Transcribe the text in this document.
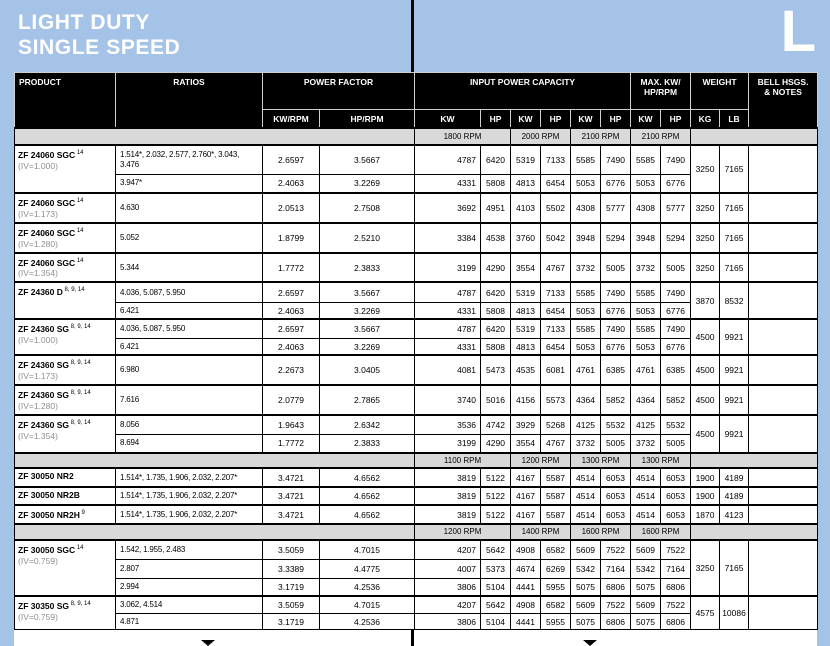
LIGHT DUTY
SINGLE SPEED	L
PRODUCT	RATIOS	POWER FACTOR	INPUT POWER CAPACITY	MAX. KW/
HP/RPM
	WEIGHT	BELL HSGS.
& NOTES

		KW/RPM	HP/RPM	KW	HP	KW	HP	KW	HP	KW	HP	KG	LB	
				1800 RPM		2000 RPM		2100 RPM		2100 RPM				
ZF 24060 SGC $^{14}$
(IV=1.000)	1.514*, 2.032, 2.577, 2.760*, 3.043, 3.476	2.6597	3.5667	4787	6420	5319	7133	5585	7490	5585	7490	3250	7165	
	3.947*	2.4063	3.2269	4331	5808	4813	6454	5053	6776	5053	6776			
ZF 24060 SGC $^{14}$
(IV=1.173)	4.630	2.0513	2.7508	3692	4951	4103	5502	4308	5777	4308	5777	3250	7165	
ZF 24060 SGC $^{14}$
(IV=1.280)	5.052	1.8799	2.5210	3384	4538	3760	5042	3948	5294	3948	5294	3250	7165	
ZF 24060 SGC $^{14}$
(IV=1.354)	5.344	1.7772	2.3833	3199	4290	3554	4767	3732	5005	3732	5005	3250	7165	
ZF 24360 D $^{8, 9, 14}$	4.036, 5.087, 5.950	2.6597	3.5667	4787	6420	5319	7133	5585	7490	5585	7490	3870	8532	
	6.421	2.4063	3.2269	4331	5808	4813	6454	5053	6776	5053	6776			
ZF 24360 SG $^{8, 9, 14}$
(IV=1.000)	4.036, 5.087, 5.950	2.6597	3.5667	4787	6420	5319	7133	5585	7490	5585	7490	4500	9921	
	6.421	2.4063	3.2269	4331	5808	4813	6454	5053	6776	5053	6776			
ZF 24360 SG $^{8, 9, 14}$
(IV=1.173)	6.980	2.2673	3.0405	4081	5473	4535	6081	4761	6385	4761	6385	4500	9921	
ZF 24360 SG $^{8, 9, 14}$
(IV=1.280)	7.616	2.0779	2.7865	3740	5016	4156	5573	4364	5852	4364	5852	4500	9921	
ZF 24360 SG $^{8, 9, 14}$
(IV=1.354)	8.056	1.9643	2.6342	3536	4742	3929	5268	4125	5532	4125	5532	4500	9921	
	8.694	1.7772	2.3833	3199	4290	3554	4767	3732	5005	3732	5005			
				1100 RPM		1200 RPM		1300 RPM		1300 RPM				
ZF 30050 NR2	1.514*, 1.735, 1.906, 2.032, 2.207*	3.4721	4.6562	3819	5122	4167	5587	4514	6053	4514	6053	1900	4189	
ZF 30050 NR2B	1.514*, 1.735, 1.906, 2.032, 2.207*	3.4721	4.6562	3819	5122	4167	5587	4514	6053	4514	6053	1900	4189	
ZF 30050 NR2H $^9$	1.514*, 1.735, 1.906, 2.032, 2.207*	3.4721	4.6562	3819	5122	4167	5587	4514	6053	4514	6053	1870	4123	
				1200 RPM		1400 RPM		1600 RPM		1600 RPM				
ZF 30050 SGC $^{14}$
(IV=0.759)	1.542, 1.955, 2.483	3.5059	4.7015	4207	5642	4908	6582	5609	7522	5609	7522	3250	7165	
	2.807	3.3389	4.4775	4007	5373	4674	6269	5342	7164	5342	7164			
	2.994	3.1719	4.2536	3806	5104	4441	5955	5075	6806	5075	6806			
ZF 30350 SG $^{8, 9, 14}$
(IV=0.759)	3.062, 4.514	3.5059	4.7015	4207	5642	4908	6582	5609	7522	5609	7522	4575	10086	
	4.871	3.1719	4.2536	3806	5104	4441	5955	5075	6806	5075	6806			
